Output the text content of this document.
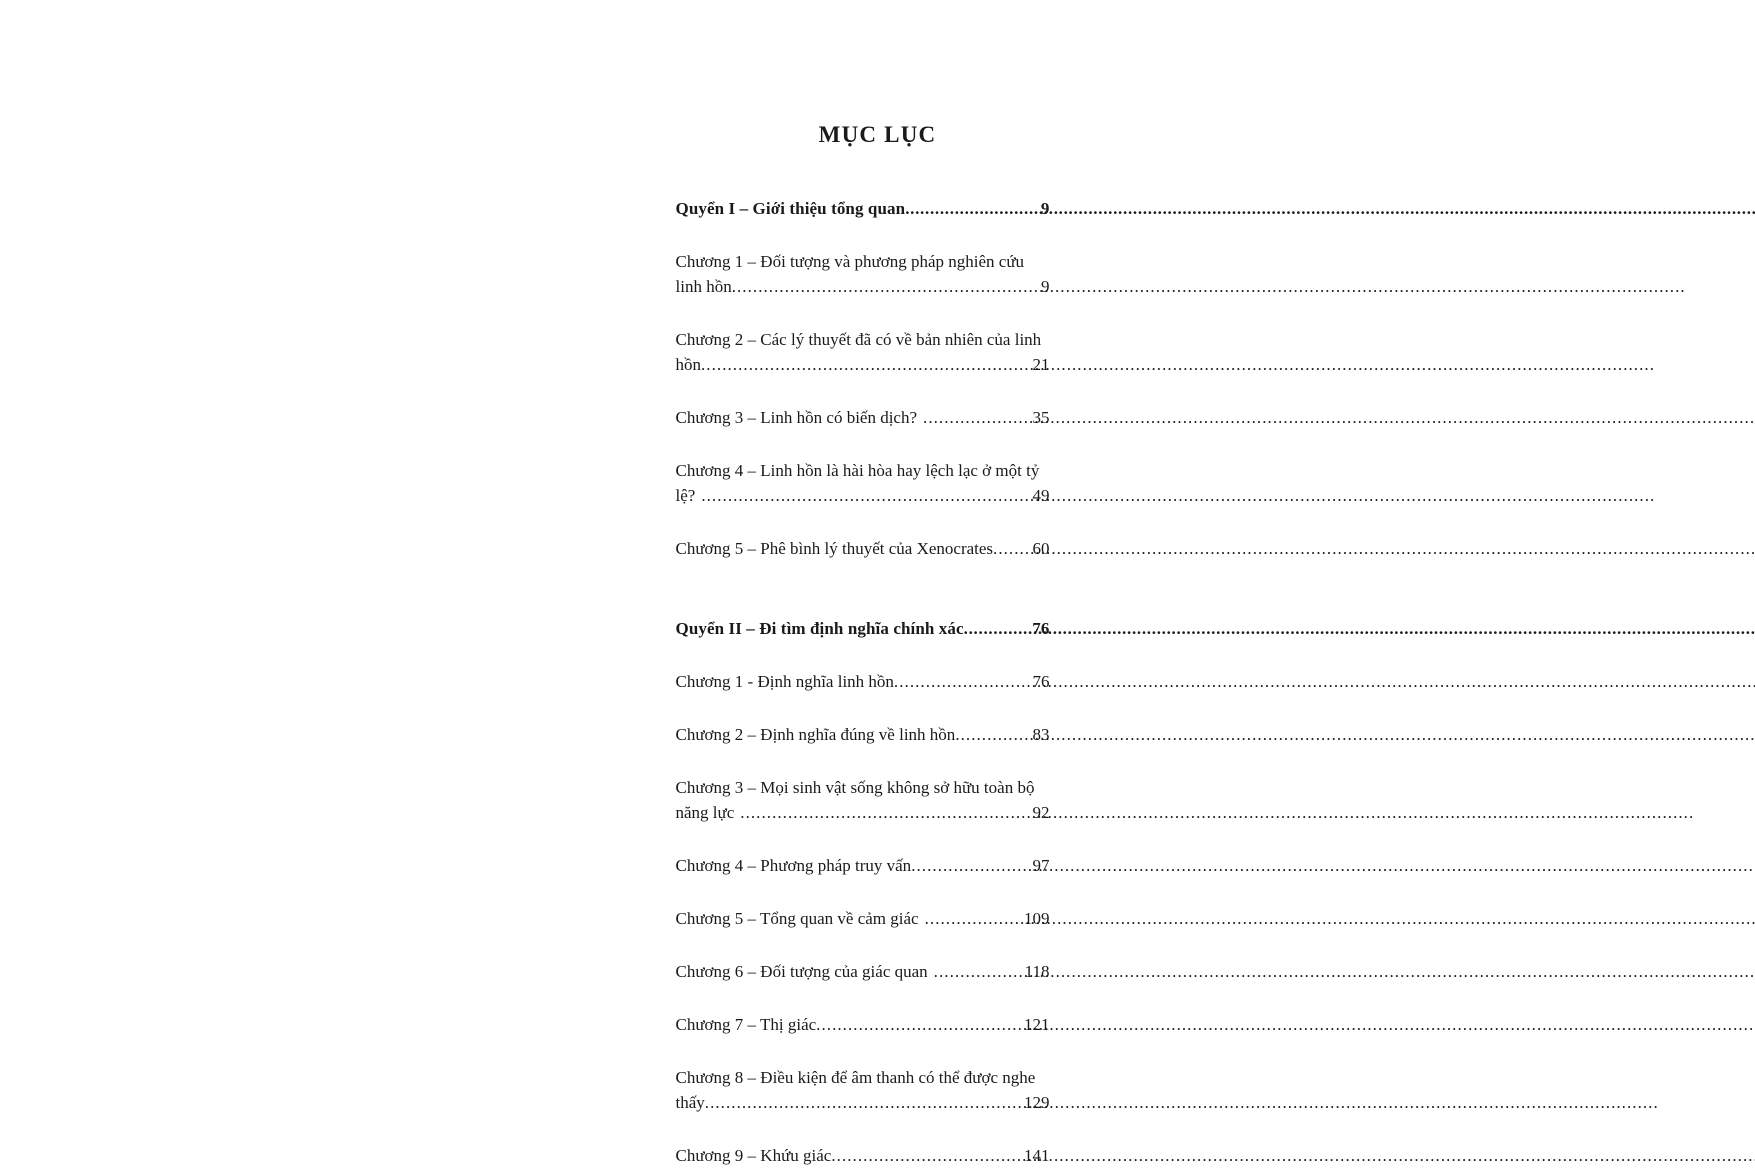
MỤC LỤC
Quyển I – Giới thiệu tổng quan .....	9
Chương 1 – Đối tượng và phương pháp nghiên cứu
linh hồn .....	9
Chương 2 – Các lý thuyết đã có về bản nhiên của linh
hồn .....	21
Chương 3 – Linh hồn có biến dịch? .....	35
Chương 4 – Linh hồn là hài hòa hay lệch lạc ở một tỷ
lệ? .....	49
Chương 5 – Phê bình lý thuyết của Xenocrates ..... 60
Quyển II – Đi tìm định nghĩa chính xác .....	76
Chương 1 - Định nghĩa linh hồn .....	76
Chương 2 – Định nghĩa đúng về linh hồn .....	83
Chương 3 – Mọi sinh vật sống không sở hữu toàn bộ
năng lực .....	92
Chương 4 – Phương pháp truy vấn .....	97
Chương 5 – Tổng quan về cảm giác .....	109
Chương 6 – Đối tượng của giác quan .....	118
Chương 7 – Thị giác .....	121
Chương 8 – Điều kiện để âm thanh có thể được nghe
thấy .....	129
Chương 9 – Khứu giác .....	141
